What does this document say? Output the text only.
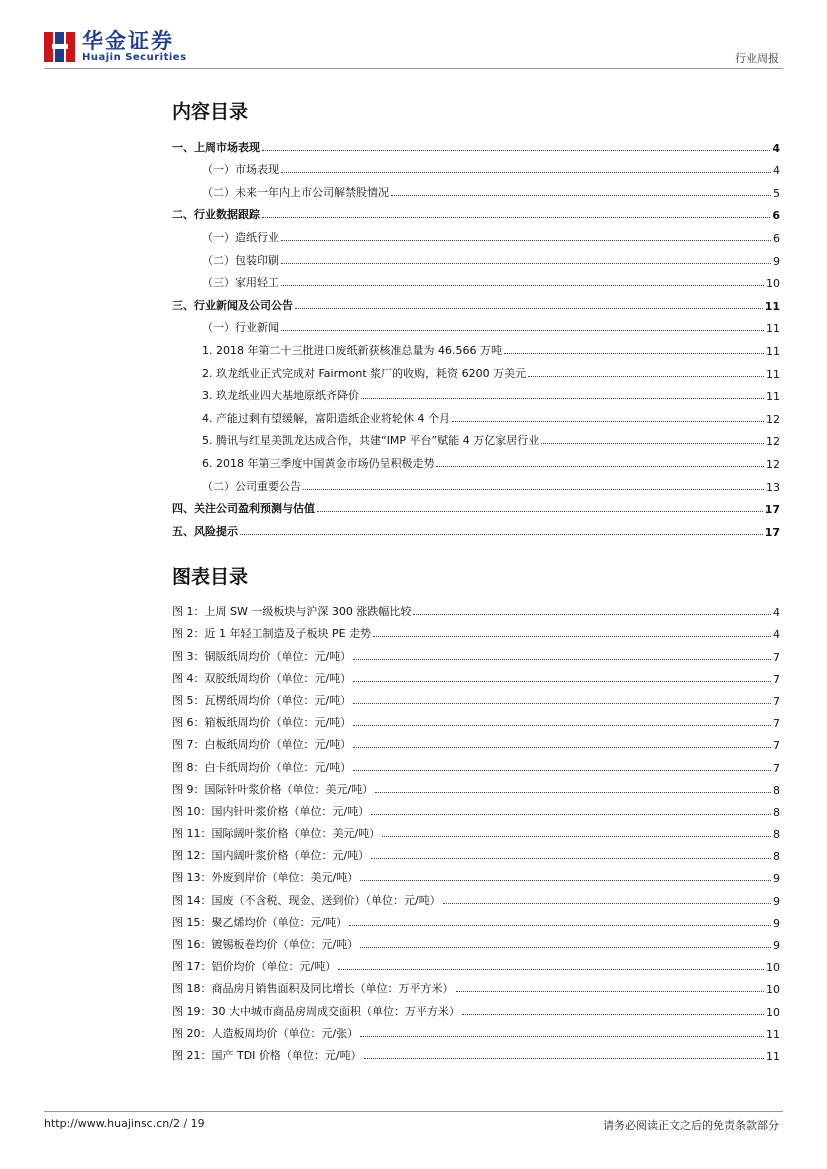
华金证券
Huajin Securities	行业周报
内容目录
一、上周市场表现	4
（一）市场表现	4
（二）未来一年内上市公司解禁股情况	5
二、行业数据跟踪	6
（一）造纸行业	6
（二）包装印刷	9
（三）家用轻工	10
三、行业新闻及公司公告	11
（一）行业新闻	11
1. 2018 年第二十三批进口废纸新获核准总量为 46.566 万吨	11
2. 玖龙纸业正式完成对 Fairmont 浆厂的收购，耗资 6200 万美元	11
3. 玖龙纸业四大基地原纸齐降价	11
4. 产能过剩有望缓解，富阳造纸企业将轮休 4 个月	12
5. 腾讯与红星美凯龙达成合作，共建“IMP 平台”赋能 4 万亿家居行业	12
6. 2018 年第三季度中国黄金市场仍呈积极走势	12
（二）公司重要公告	13
四、关注公司盈利预测与估值	17
五、风险提示	17
图表目录
图 1：上周 SW 一级板块与沪深 300 涨跌幅比较	4
图 2：近 1 年轻工制造及子板块 PE 走势	4
图 3：铜版纸周均价（单位：元/吨）	7
图 4：双胶纸周均价（单位：元/吨）	7
图 5：瓦楞纸周均价（单位：元/吨）	7
图 6：箱板纸周均价（单位：元/吨）	7
图 7：白板纸周均价（单位：元/吨）	7
图 8：白卡纸周均价（单位：元/吨）	7
图 9：国际针叶浆价格（单位：美元/吨）	8
图 10：国内针叶浆价格（单位：元/吨）	8
图 11：国际阔叶浆价格（单位：美元/吨）	8
图 12：国内阔叶浆价格（单位：元/吨）	8
图 13：外废到岸价（单位：美元/吨）	9
图 14：国废（不含税、现金、送到价）（单位：元/吨）	9
图 15：聚乙烯均价（单位：元/吨）	9
图 16：镀锡板卷均价（单位：元/吨）	9
图 17：铝价均价（单位：元/吨）	10
图 18：商品房月销售面积及同比增长（单位：万平方米）	10
图 19：30 大中城市商品房周成交面积（单位：万平方米）	10
图 20：人造板周均价（单位：元/张）	11
图 21：国产 TDI 价格（单位：元/吨）	11
http://www.huajinsc.cn/2 / 19	请务必阅读正文之后的免责条款部分
